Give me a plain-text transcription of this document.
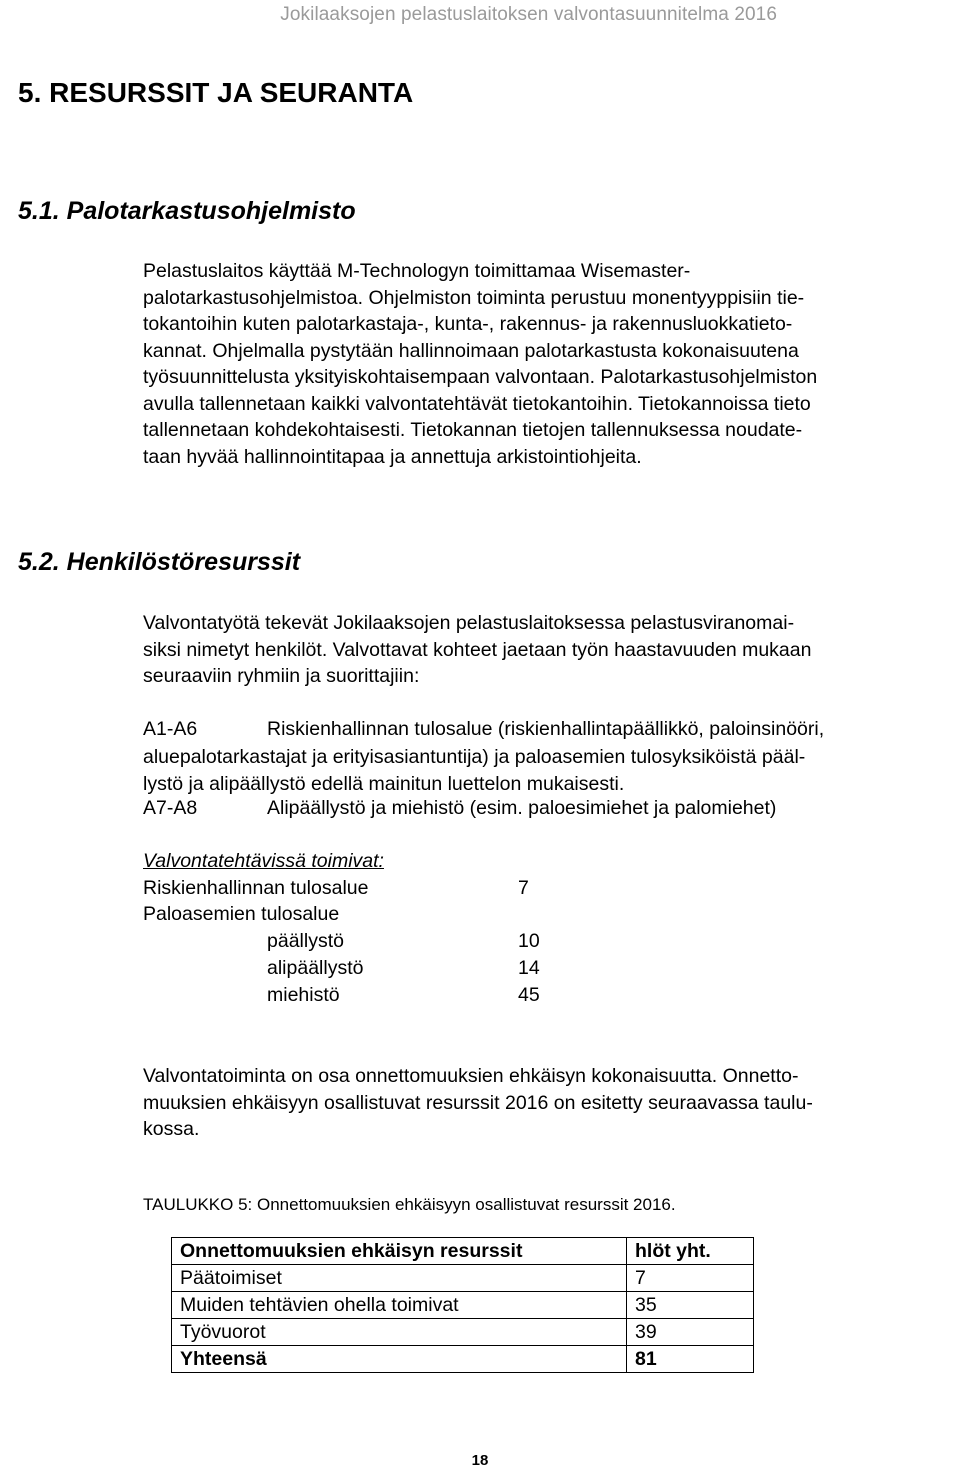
Jokilaaksojen pelastuslaitoksen valvontasuunnitelma 2016
5. RESURSSIT JA SEURANTA
5.1. Palotarkastusohjelmisto
Pelastuslaitos käyttää M-Technologyn toimittamaa Wisemaster-
palotarkastusohjelmistoa. Ohjelmiston toiminta perustuu monentyyppisiin tie-
tokantoihin kuten palotarkastaja-, kunta-, rakennus- ja rakennusluokkatieto-
kannat. Ohjelmalla pystytään hallinnoimaan palotarkastusta kokonaisuutena
työsuunnittelusta yksityiskohtaisempaan valvontaan. Palotarkastusohjelmiston
avulla tallennetaan kaikki valvontatehtävät tietokantoihin. Tietokannoissa tieto
tallennetaan kohdekohtaisesti. Tietokannan tietojen tallennuksessa noudate-
taan hyvää hallinnointitapaa ja annettuja arkistointiohjeita.
5.2. Henkilöstöresurssit
Valvontatyötä tekevät Jokilaaksojen pelastuslaitoksessa pelastusviranomai-
siksi nimetyt henkilöt. Valvottavat kohteet jaetaan työn haastavuuden mukaan
seuraaviin ryhmiin ja suorittajiin:
A1-A6	Riskienhallinnan tulosalue (riskienhallintapäällikkö, paloinsinööri,
aluepalotarkastajat ja erityisasiantuntija) ja paloasemien tulosyksiköistä pääl-
lystö ja alipäällystö edellä mainitun luettelon mukaisesti.
A7-A8	Alipäällystö ja miehistö (esim. paloesimiehet ja palomiehet)
Valvontatehtävissä toimivat:
Riskienhallinnan tulosalue	7
Paloasemien tulosalue
päällystö	10
alipäällystö	14
miehistö	45
Valvontatoiminta on osa onnettomuuksien ehkäisyn kokonaisuutta. Onnetto-
muuksien ehkäisyyn osallistuvat resurssit 2016 on esitetty seuraavassa taulu-
kossa.
TAULUKKO 5: Onnettomuuksien ehkäisyyn osallistuvat resurssit 2016.
Onnettomuuksien ehkäisyn resurssit	hlöt yht.
Päätoimiset	7
Muiden tehtävien ohella toimivat	35
Työvuorot	39
Yhteensä	81
18
